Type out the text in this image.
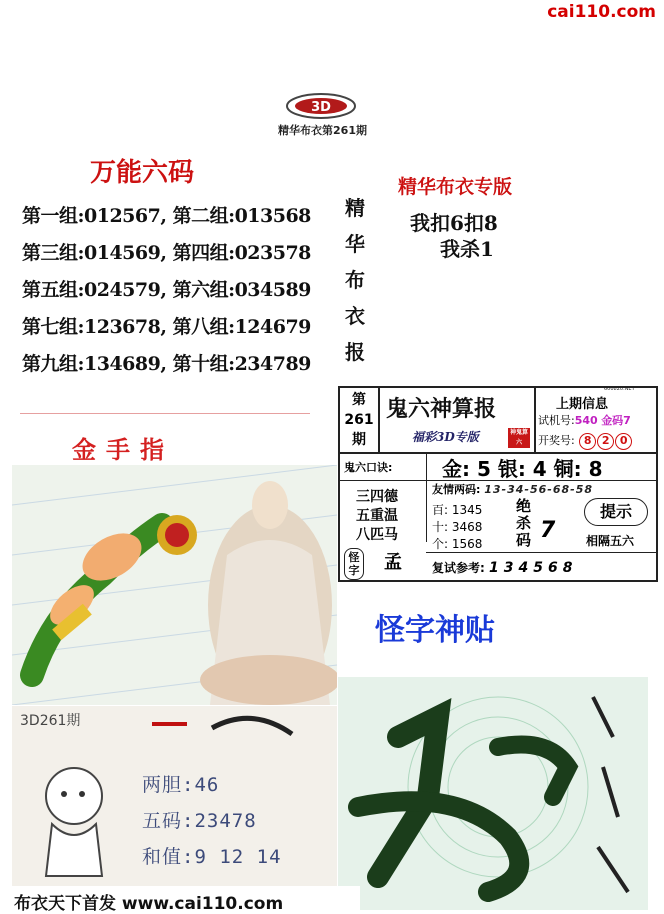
cai110.com
3D
精华布衣第261期
万能六码
第一组:012567, 第二组:013568
第三组:014569, 第四组:023578
第五组:024579, 第六组:034589
第七组:123678, 第八组:124679
第九组:134689, 第十组:234789
精
华
布
衣
报
精华布衣专版
我扣6扣8
我杀1
金手指
第
261
期
鬼六神算报
福彩3D专版	神鬼算六
上期信息
试机号:540 金码7
开奖号: 8 2 0
鬼六口诀: 金: 5 银: 4 铜: 8
友情两码: 13-34-56-68-58
三四德
五重温
八匹马
怪字 孟
百: 1345
十: 3468
个: 1568
绝杀码 7
提示
相隔五六
复试参考: 134568
600820.NET
怪字神贴
3D261期
两胆:46
五码:23478
和值:9 12 14
布衣天下首发 www.cai110.com
